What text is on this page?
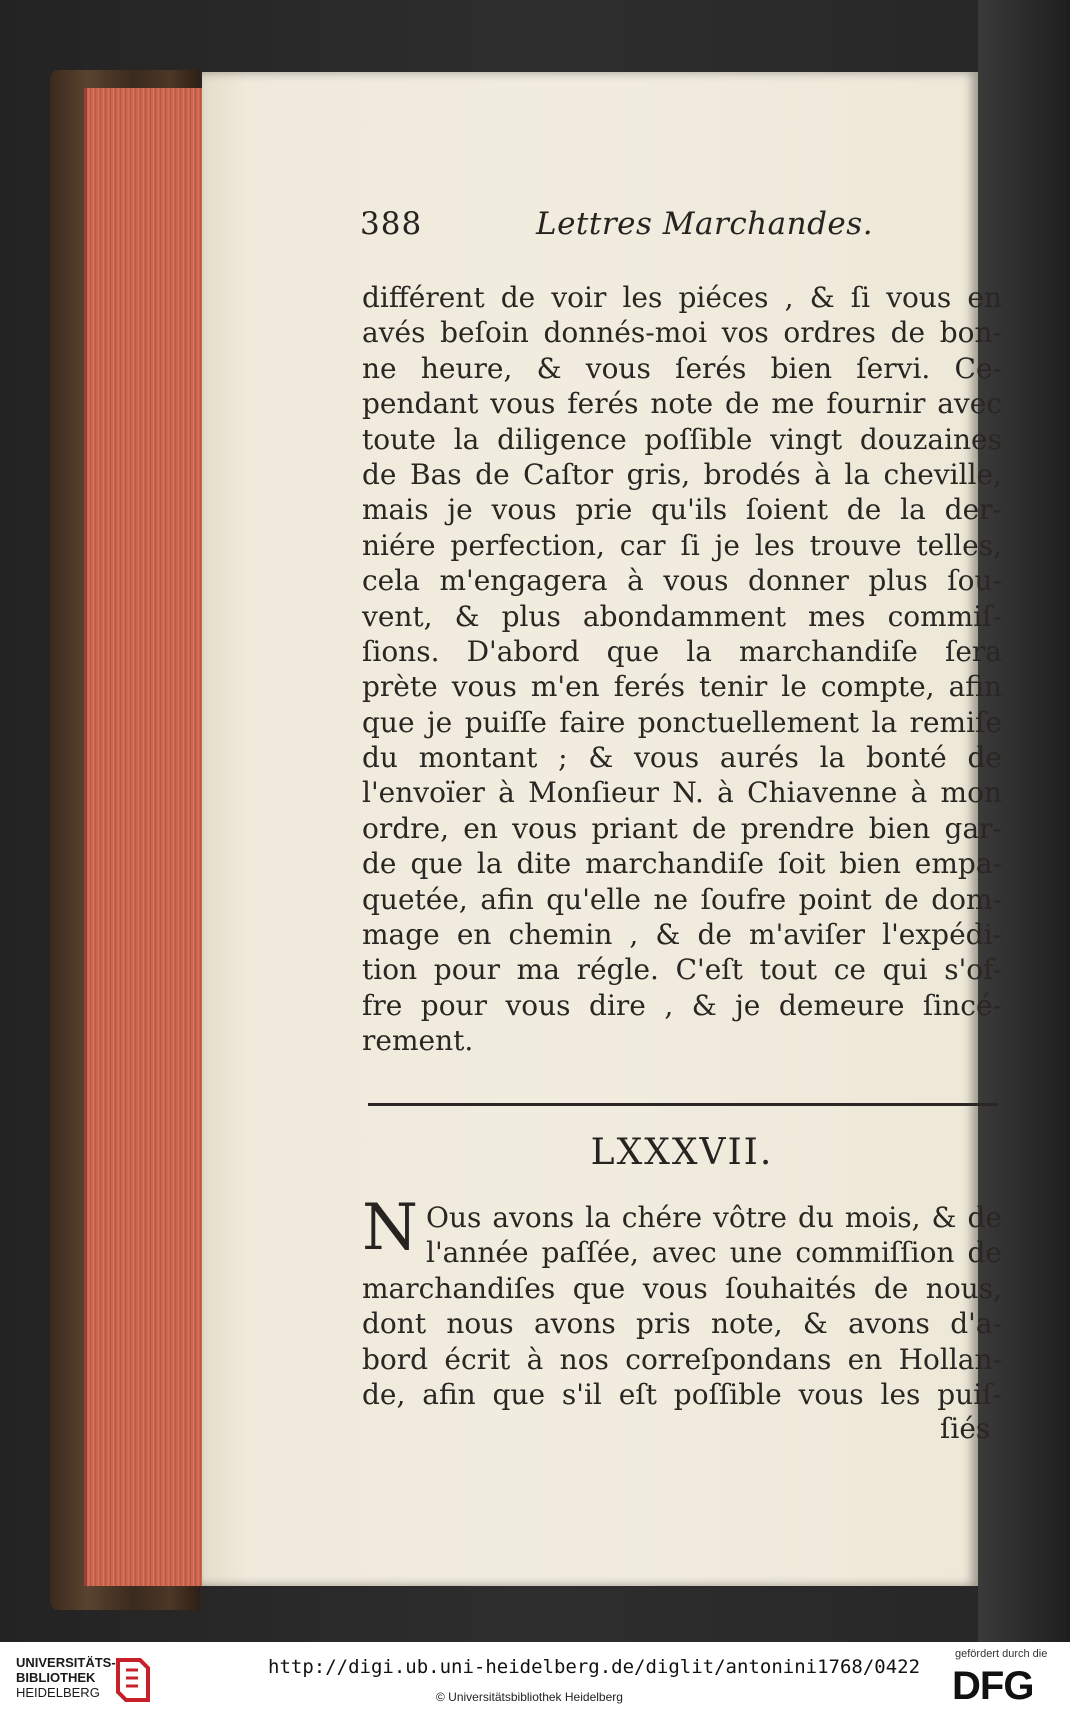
388	Lettres Marchandes.
différent de voir les piéces , & ſi vous en
avés beſoin donnés-moi vos ordres de bon-
ne heure, & vous ſerés bien ſervi. Ce-
pendant vous ferés note de me fournir avec
toute la diligence poſſible vingt douzaines
de Bas de Caſtor gris, brodés à la cheville,
mais je vous prie qu'ils ſoient de la der-
niére perfection, car ſi je les trouve telles,
cela m'engagera à vous donner plus ſou-
vent, & plus abondamment mes commiſ-
ſions. D'abord que la marchandiſe ſera
prète vous m'en ferés tenir le compte, afin
que je puiſſe faire ponctuellement la remiſe
du montant ; & vous aurés la bonté de
l'envoïer à Monſieur N. à Chiavenne à mon
ordre, en vous priant de prendre bien gar-
de que la dite marchandiſe ſoit bien empa-
quetée, afin qu'elle ne ſoufre point de dom-
mage en chemin , & de m'aviſer l'expédi-
tion pour ma régle. C'eſt tout ce qui s'of-
fre pour vous dire , & je demeure ſincé-
rement.
LXXXVII.
N Ous avons la chére vôtre du mois, & de
l'année paſſée, avec une commiſſion de
marchandiſes que vous ſouhaités de nous,
dont nous avons pris note, & avons d'a-
bord écrit à nos correſpondans en Hollan-
de, afin que s'il eſt poſſible vous les puiſ-
ſiés
UNIVERSITÄTS-
BIBLIOTHEK
HEIDELBERG
http://digi.ub.uni-heidelberg.de/diglit/antonini1768/0422
© Universitätsbibliothek Heidelberg
gefördert durch die
DFG
